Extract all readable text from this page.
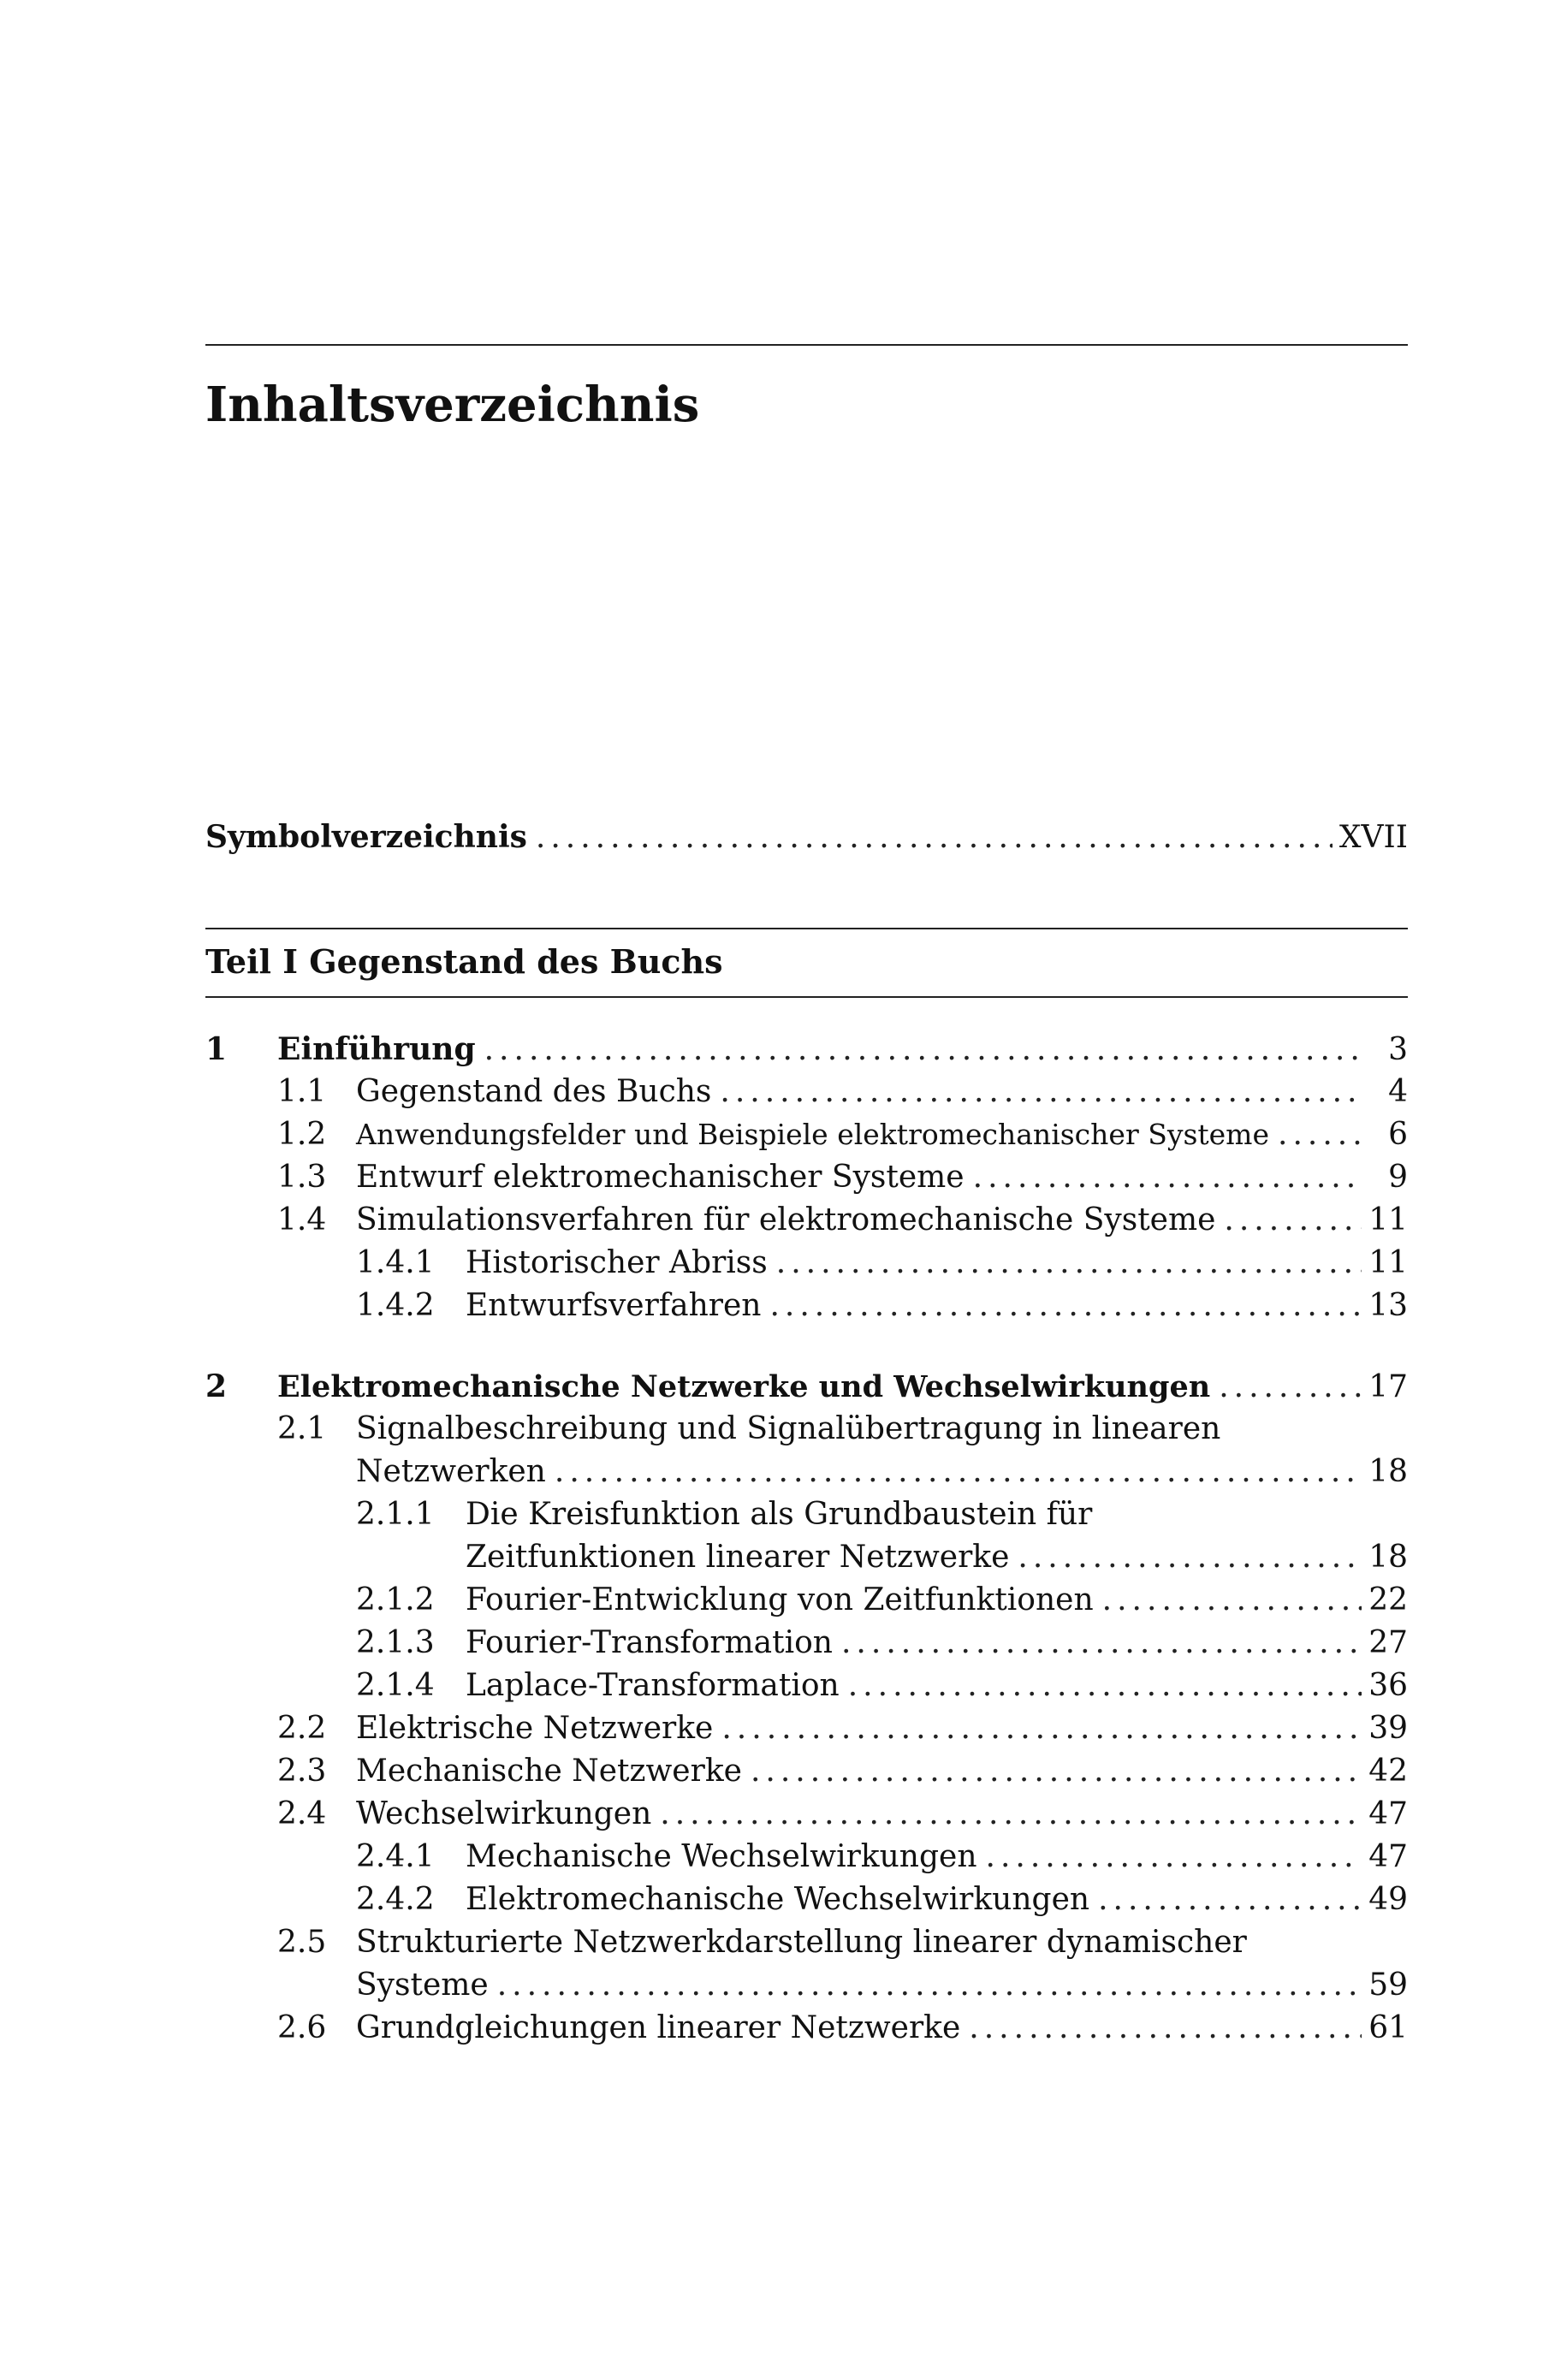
Inhaltsverzeichnis
Symbolverzeichnis .....	XVII
Teil I Gegenstand des Buchs
1	Einführung .....	3
1.1 Gegenstand des Buchs .....	4
1.2	Anwendungsfelder und Beispiele elektromechanischer Systeme .....	6
1.3 Entwurf elektromechanischer Systeme .....	9
1.4 Simulationsverfahren für elektromechanische Systeme .....	11
1.4.1	Historischer Abriss .....	11
1.4.2	Entwurfsverfahren .....	13
2	Elektromechanische Netzwerke und Wechselwirkungen .....	17
2.1 Signalbeschreibung und Signalübertragung in linearen
Netzwerken .....	18
2.1.1 Die Kreisfunktion als Grundbaustein für
Zeitfunktionen linearer Netzwerke .....	18
2.1.2	Fourier-Entwicklung von Zeitfunktionen .....	22
2.1.3	Fourier-Transformation .....	27
2.1.4	Laplace-Transformation .....	36
2.2 Elektrische Netzwerke .....	39
2.3 Mechanische Netzwerke .....	42
2.4 Wechselwirkungen .....	47
2.4.1	Mechanische Wechselwirkungen .....	47
2.4.2	Elektromechanische Wechselwirkungen .....	49
2.5 Strukturierte Netzwerkdarstellung linearer dynamischer
Systeme .....	59
2.6 Grundgleichungen linearer Netzwerke .....	61
